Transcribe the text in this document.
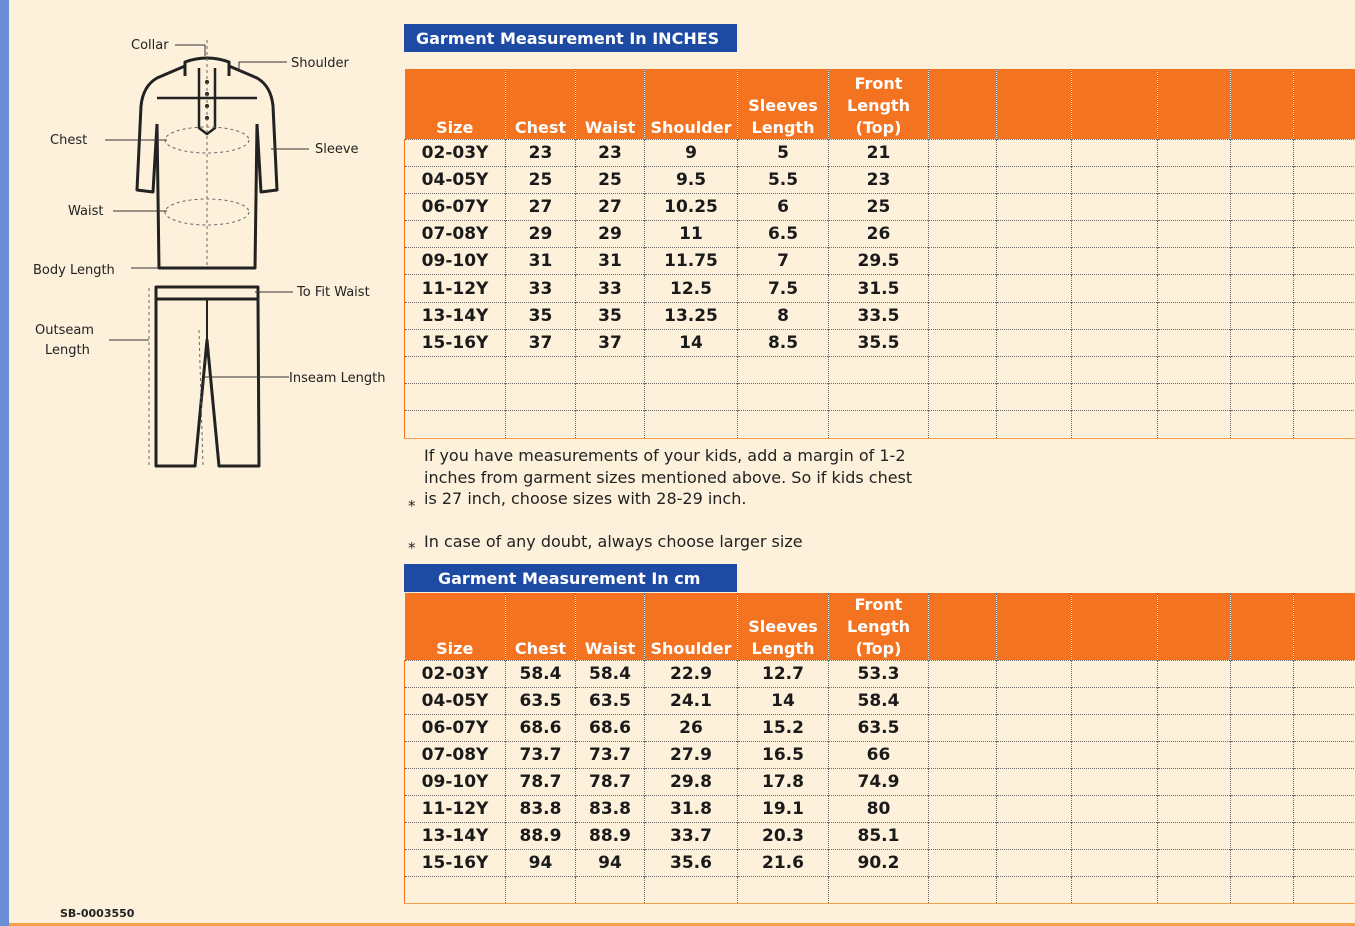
Collar
Shoulder
Chest
Sleeve
Waist
Body Length
To Fit Waist
Outseam
Length
Inseam Length
Garment Measurement In INCHES
Size	Chest	Waist	Shoulder	Sleeves Length	Front Length (Top)						
02-03Y	23	23	9	5	21						
04-05Y	25	25	9.5	5.5	23						
06-07Y	27	27	10.25	6	25						
07-08Y	29	29	11	6.5	26						
09-10Y	31	31	11.75	7	29.5						
11-12Y	33	33	12.5	7.5	31.5						
13-14Y	35	35	13.25	8	33.5						
15-16Y	37	37	14	8.5	35.5						

If you have measurements of your kids, add a margin of 1-2
inches from garment sizes mentioned above. So if kids chest
is 27 inch, choose sizes with 28-29 inch.
*
In case of any doubt, always choose larger size
*
Garment Measurement In cm
Size	Chest	Waist	Shoulder	Sleeves Length	Front Length (Top)						
02-03Y	58.4	58.4	22.9	12.7	53.3						
04-05Y	63.5	63.5	24.1	14	58.4						
06-07Y	68.6	68.6	26	15.2	63.5						
07-08Y	73.7	73.7	27.9	16.5	66						
09-10Y	78.7	78.7	29.8	17.8	74.9						
11-12Y	83.8	83.8	31.8	19.1	80						
13-14Y	88.9	88.9	33.7	20.3	85.1						
15-16Y	94	94	35.6	21.6	90.2						

SB-0003550
